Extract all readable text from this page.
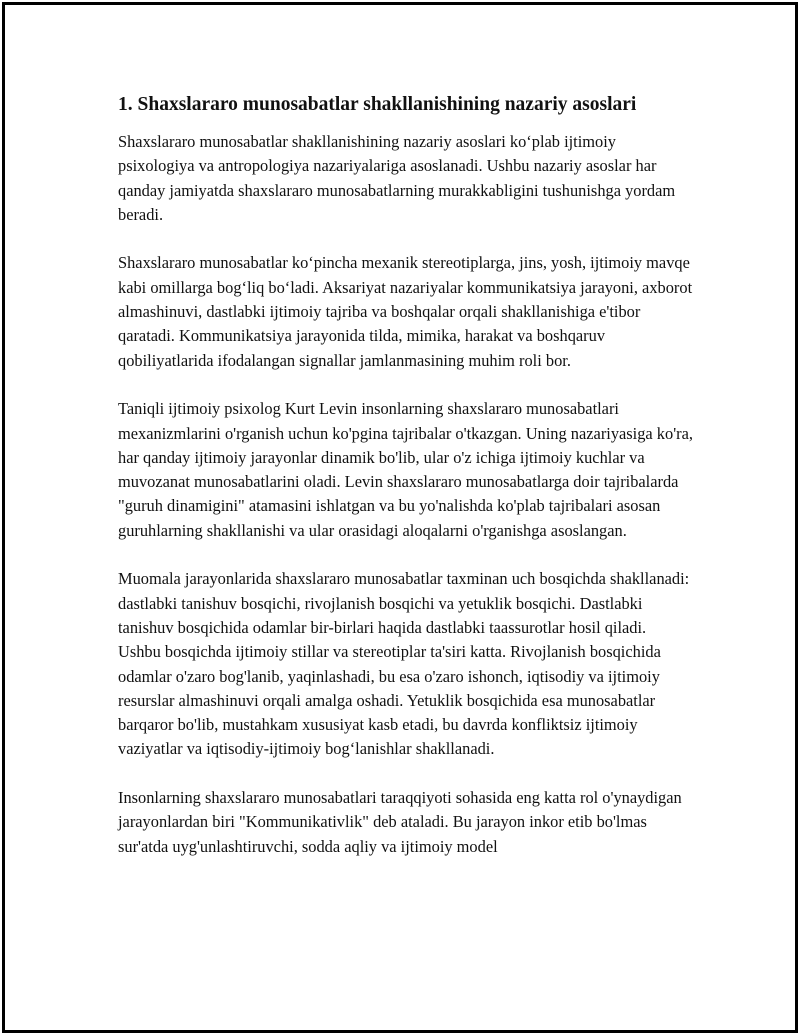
1. Shaxslararo munosabatlar shakllanishining nazariy asoslari

Shaxslararo munosabatlar shakllanishining nazariy asoslari koʻplab ijtimoiy psixologiya va antropologiya nazariyalariga asoslanadi. Ushbu nazariy asoslar har qanday jamiyatda shaxslararo munosabatlarning murakkabligini tushunishga yordam beradi.

Shaxslararo munosabatlar koʻpincha mexanik stereotiplarga, jins, yosh, ijtimoiy mavqe kabi omillarga bogʻliq boʻladi. Aksariyat nazariyalar kommunikatsiya jarayoni, axborot almashinuvi, dastlabki ijtimoiy tajriba va boshqalar orqali shakllanishiga e'tibor qaratadi. Kommunikatsiya jarayonida tilda, mimika, harakat va boshqaruv qobiliyatlarida ifodalangan signallar jamlanmasining muhim roli bor.

Taniqli ijtimoiy psixolog Kurt Levin insonlarning shaxslararo munosabatlari mexanizmlarini o'rganish uchun ko'pgina tajribalar o'tkazgan. Uning nazariyasiga ko'ra, har qanday ijtimoiy jarayonlar dinamik bo'lib, ular o'z ichiga ijtimoiy kuchlar va muvozanat munosabatlarini oladi. Levin shaxslararo munosabatlarga doir tajribalarda "guruh dinamigini" atamasini ishlatgan va bu yo'nalishda ko'plab tajribalari asosan guruhlarning shakllanishi va ular orasidagi aloqalarni o'rganishga asoslangan.

Muomala jarayonlarida shaxslararo munosabatlar taxminan uch bosqichda shakllanadi: dastlabki tanishuv bosqichi, rivojlanish bosqichi va yetuklik bosqichi. Dastlabki tanishuv bosqichida odamlar bir-birlari haqida dastlabki taassurotlar hosil qiladi. Ushbu bosqichda ijtimoiy stillar va stereotiplar ta'siri katta. Rivojlanish bosqichida odamlar o'zaro bog'lanib, yaqinlashadi, bu esa o'zaro ishonch, iqtisodiy va ijtimoiy resurslar almashinuvi orqali amalga oshadi. Yetuklik bosqichida esa munosabatlar barqaror bo'lib, mustahkam xususiyat kasb etadi, bu davrda konfliktsiz ijtimoiy vaziyatlar va iqtisodiy-ijtimoiy bogʻlanishlar shakllanadi.

Insonlarning shaxslararo munosabatlari taraqqiyoti sohasida eng katta rol o'ynaydigan jarayonlardan biri "Kommunikativlik" deb ataladi. Bu jarayon inkor etib bo'lmas sur'atda uyg'unlashtiruvchi, sodda aqliy va ijtimoiy model
